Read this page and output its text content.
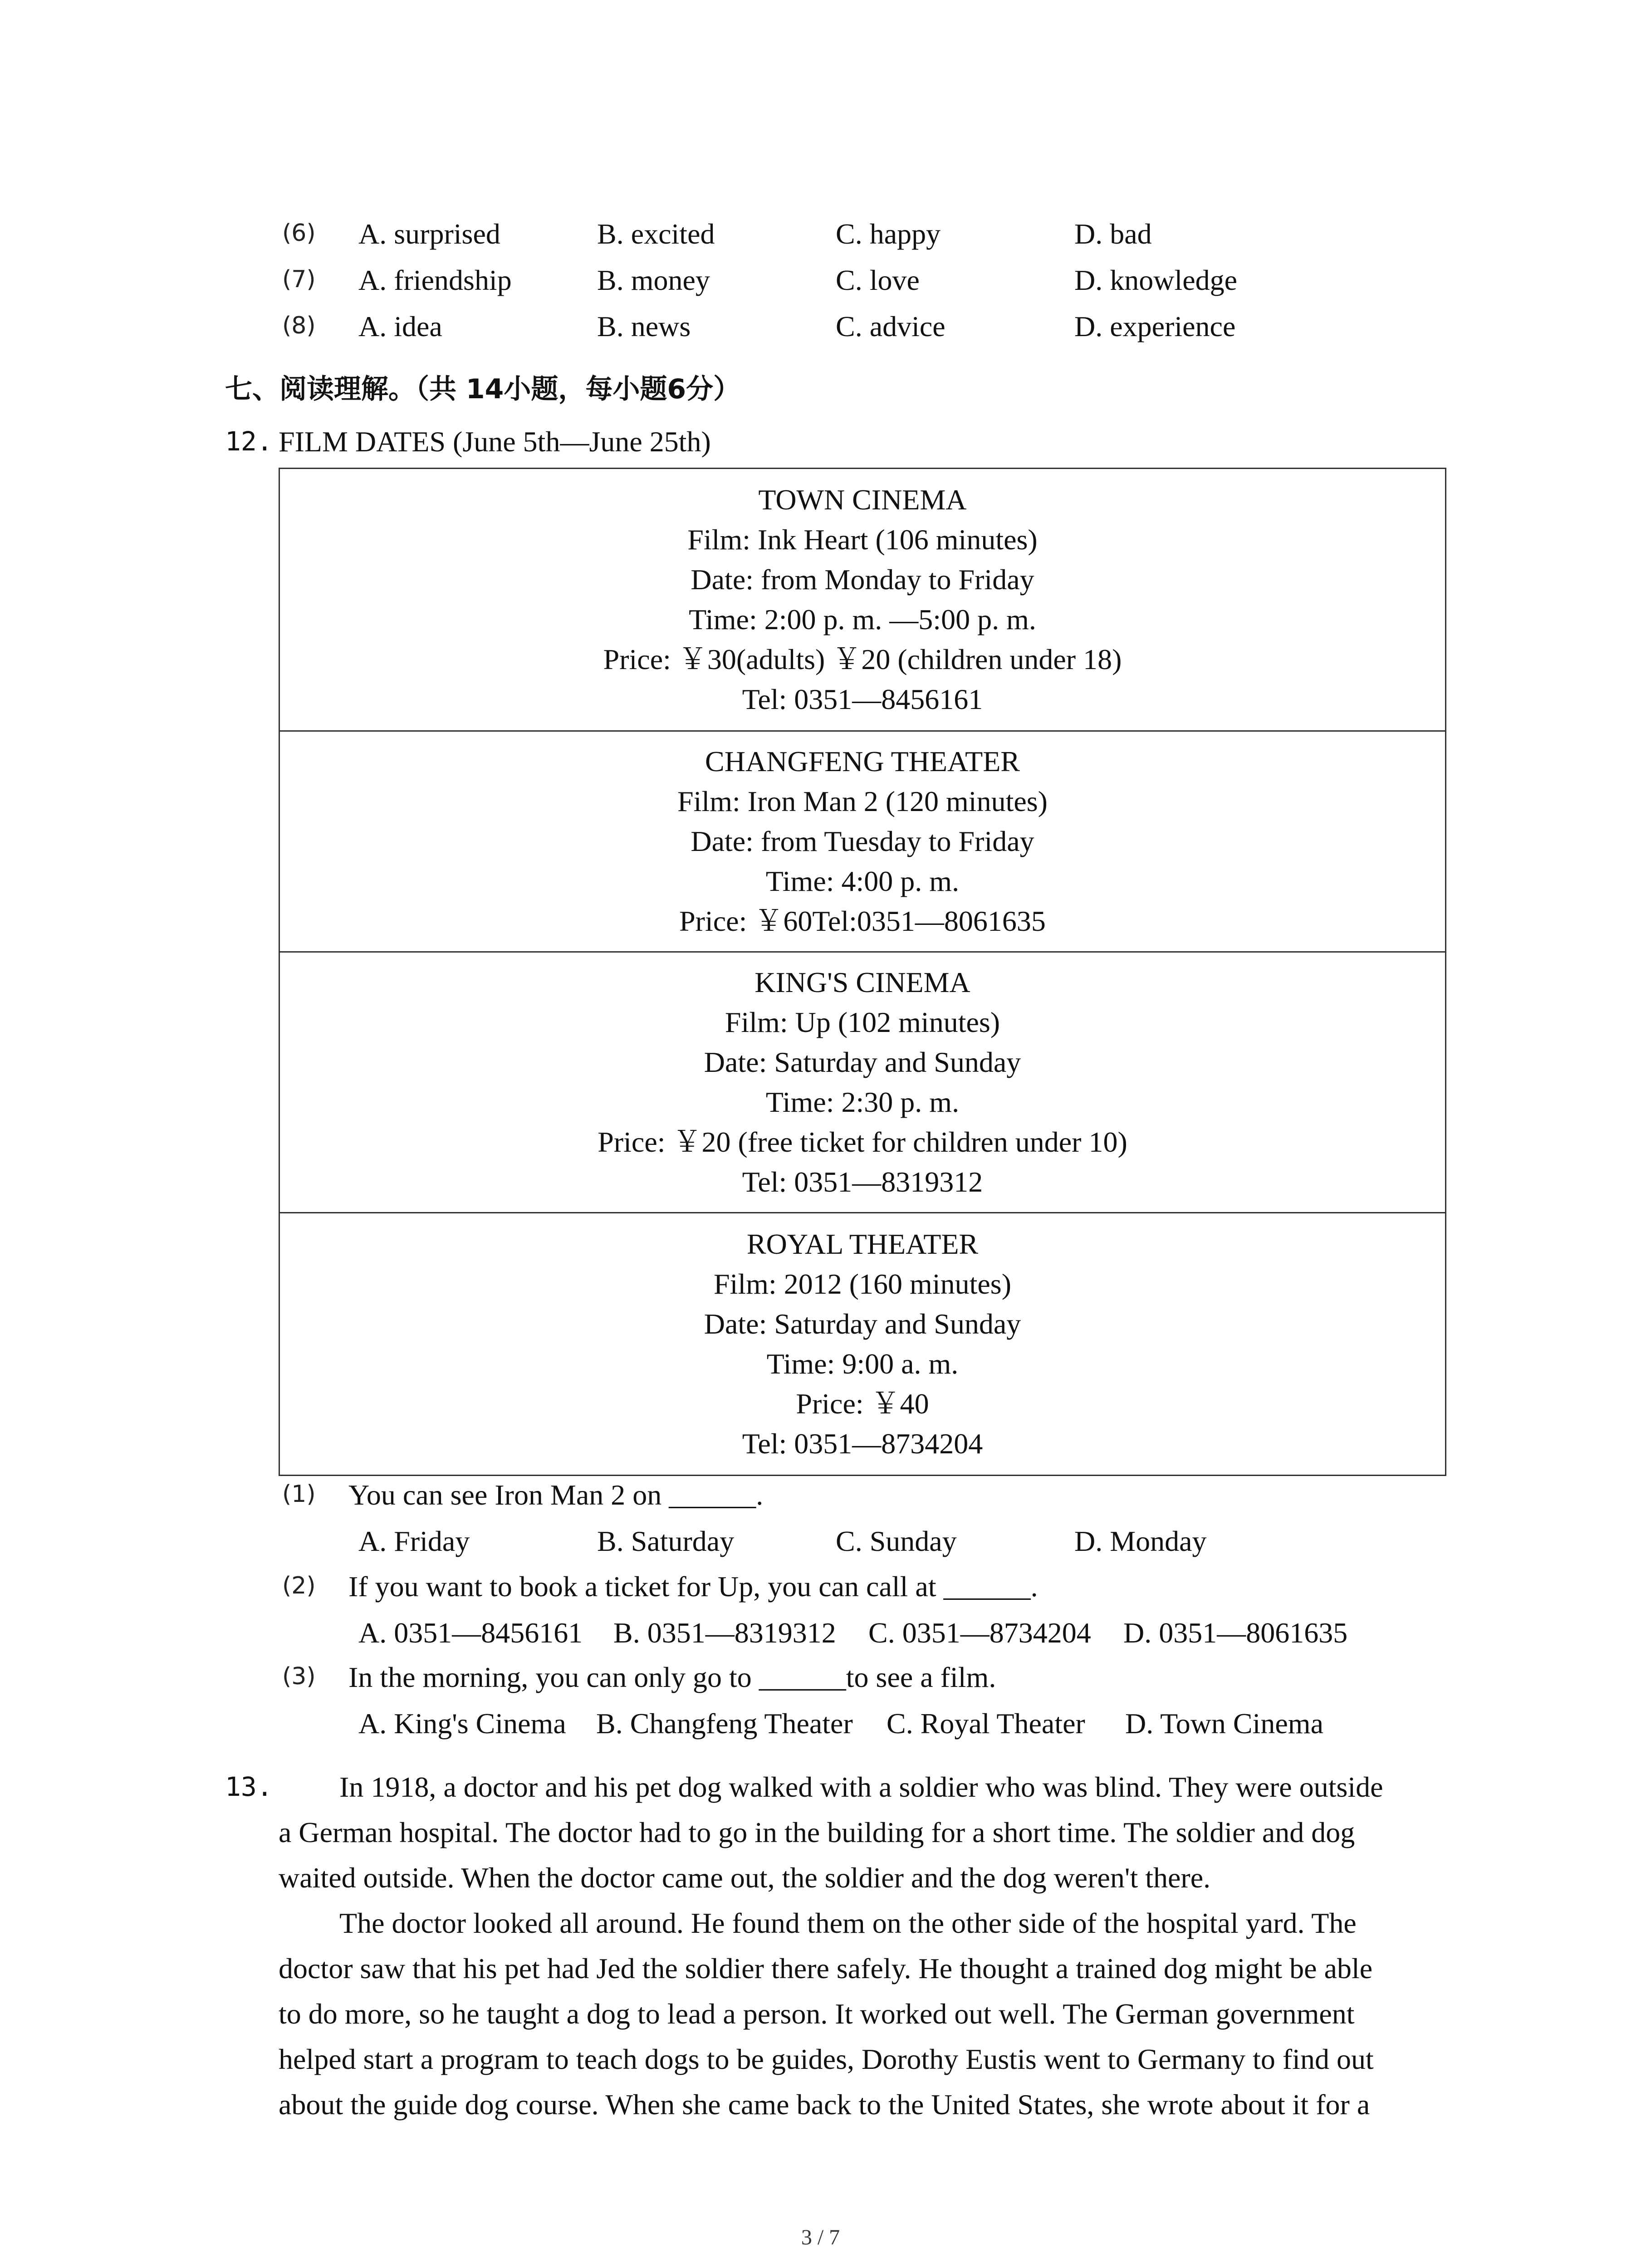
(6) A. surprised	B. excited	C. happy	D. bad
(7) A. friendship	B. money	C. love	D. knowledge
(8) A. idea	B. news	C. advice	D. experience
七、阅读理解。（共 14小题，每小题6分）
12. FILM DATES (June 5th—June 25th)
TOWN CINEMA
Film: Ink Heart (106 minutes)
Date: from Monday to Friday
Time: 2:00 p. m. —5:00 p. m.
Price: ￥30(adults) ￥20 (children under 18)
Tel: 0351—8456161

CHANGFENG THEATER
Film: Iron Man 2 (120 minutes)
Date: from Tuesday to Friday
Time: 4:00 p. m.
Price: ￥60Tel:0351—8061635

KING'S CINEMA
Film: Up (102 minutes)
Date: Saturday and Sunday
Time: 2:30 p. m.
Price: ￥20 (free ticket for children under 10)
Tel: 0351—8319312

ROYAL THEATER
Film: 2012 (160 minutes)
Date: Saturday and Sunday
Time: 9:00 a. m.
Price: ￥40
Tel: 0351—8734204
(1) You can see Iron Man 2 on ______.
A. Friday	B. Saturday	C. Sunday	D. Monday
(2) If you want to book a ticket for Up, you can call at ______.
A. 0351—8456161 B. 0351—8319312 C. 0351—8734204 D. 0351—8061635
(3) In the morning, you can only go to ______to see a film.
A. King's Cinema B. Changfeng Theater C. Royal Theater D. Town Cinema
13.	In 1918, a doctor and his pet dog walked with a soldier who was blind. They were outside
a German hospital. The doctor had to go in the building for a short time. The soldier and dog
waited outside. When the doctor came out, the soldier and the dog weren't there.
The doctor looked all around. He found them on the other side of the hospital yard. The
doctor saw that his pet had Jed the soldier there safely. He thought a trained dog might be able
to do more, so he taught a dog to lead a person. It worked out well. The German government
helped start a program to teach dogs to be guides, Dorothy Eustis went to Germany to find out
about the guide dog course. When she came back to the United States, she wrote about it for a
3 / 7
